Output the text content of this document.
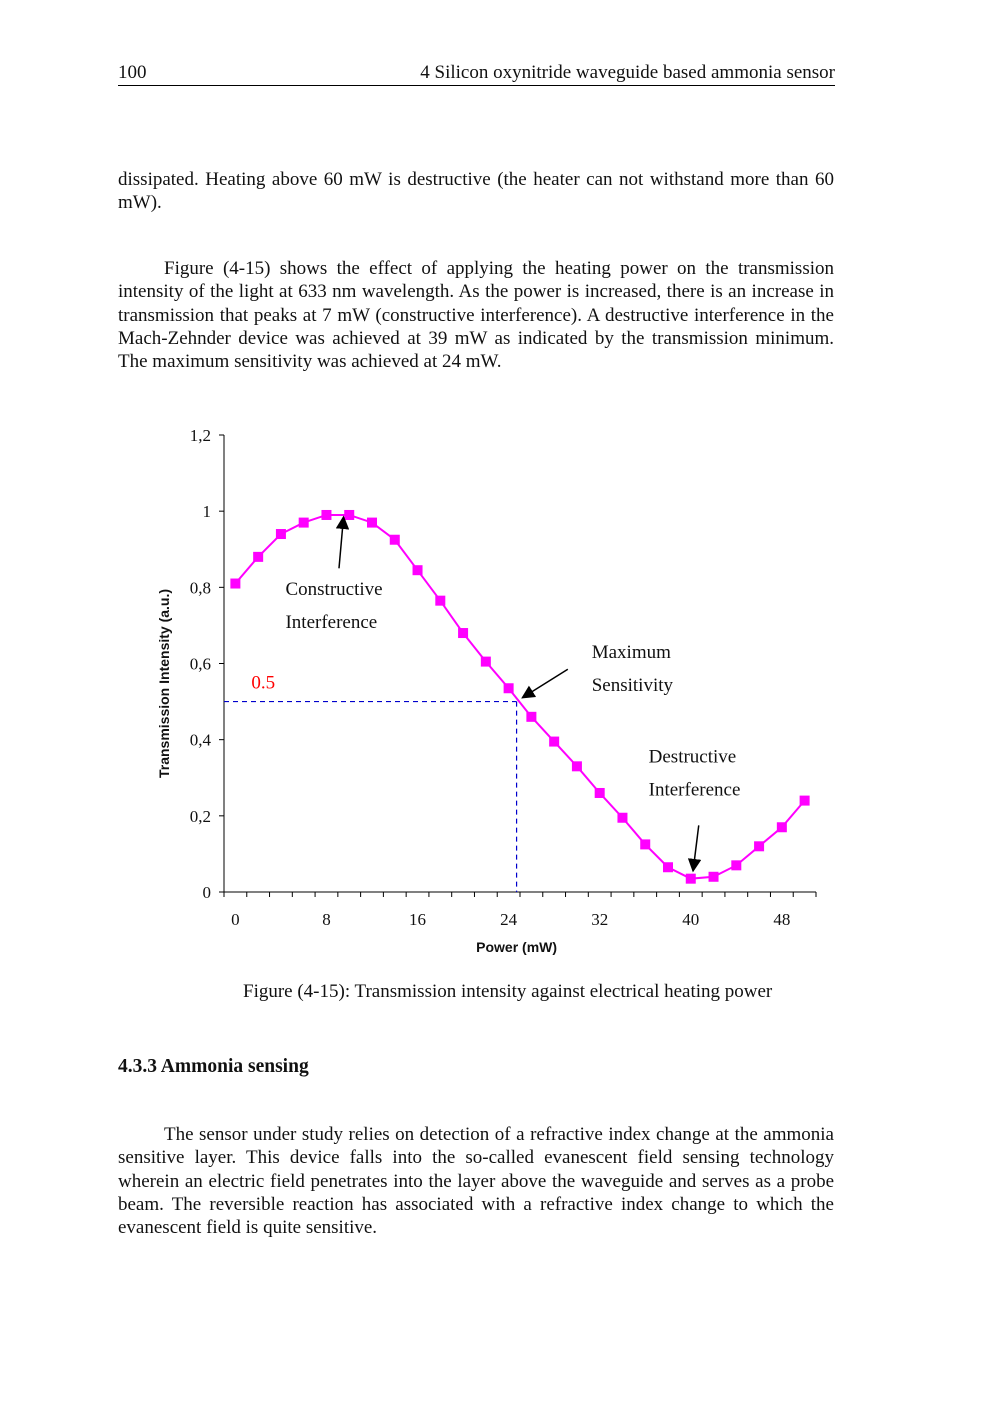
100	4 Silicon oxynitride waveguide based ammonia sensor

dissipated. Heating above 60 mW is destructive (the heater can not withstand more than 60 mW).

Figure (4-15) shows the effect of applying the heating power on the transmission intensity of the light at 633 nm wavelength. As the power is increased, there is an increase in transmission that peaks at 7 mW (constructive interference). A destructive interference in the Mach-Zehnder device was achieved at 39 mW as indicated by the transmission minimum. The maximum sensitivity was achieved at 24 mW.

0
0,2
0,4
0,6
0,8
1
1,2
0	8	16	24	32	40	48
Power (mW)
Transmission Intensity (a.u.)	0.5
Constructive
Interference
Maximum
Sensitivity
Destructive
Interference
Figure (4-15): Transmission intensity against electrical heating power
4.3.3 Ammonia sensing

The sensor under study relies on detection of a refractive index change at the ammonia sensitive layer. This device falls into the so-called evanescent field sensing technology wherein an electric field penetrates into the layer above the waveguide and serves as a probe beam. The reversible reaction has associated with a refractive index change to which the evanescent field is quite sensitive.
